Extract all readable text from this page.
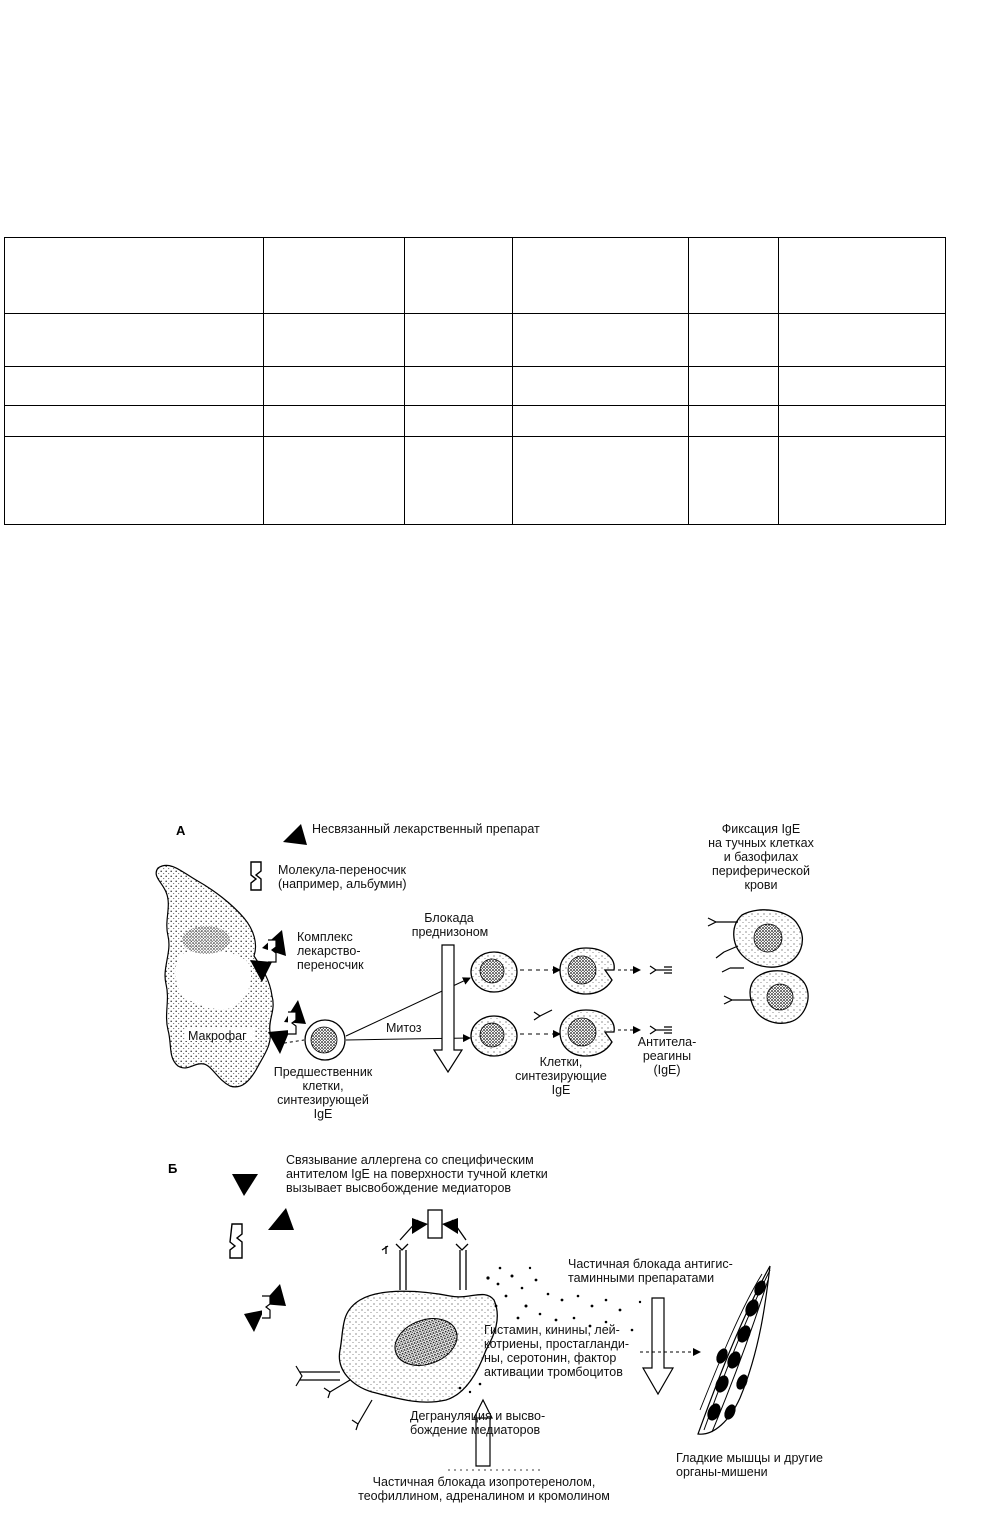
А	Несвязанный лекарственный препарат
Молекула-переносчик
(например, альбумин)
Комплекс
лекарство-
переносчик
Макрофаг
Блокада
преднизоном
Митоз
Предшественник
клетки,
синтезирующей
IgE
Клетки,
синтезирующие
IgE
Антитела-
реагины
(IgE)
Фиксация IgE
на тучных клетках
и базофилах
периферической
крови
Б
Связывание аллергена со специфическим
антителом IgE на поверхности тучной клетки
вызывает высвобождение медиаторов
Частичная блокада антигис-
таминными препаратами
Гистамин, кинины, лей-
котриены, простагланди-
ны, серотонин, фактор
активации тромбоцитов
Дегрануляция и высво-
бождение медиаторов
Гладкие мышцы и другие
органы-мишени
Частичная блокада изопротеренолом,
теофиллином, адреналином и кромолином
